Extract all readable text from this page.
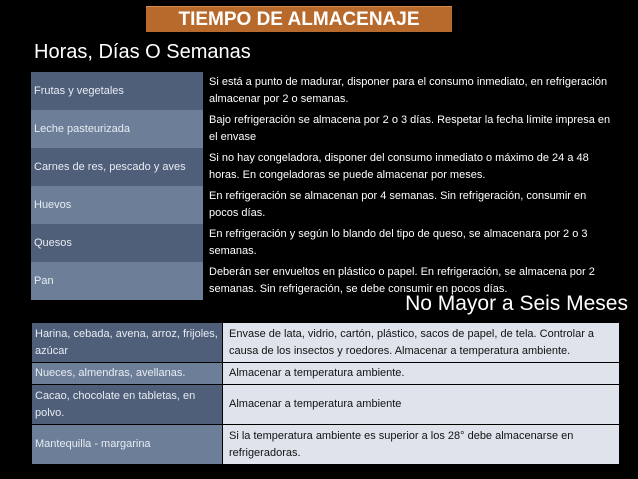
TIEMPO DE ALMACENAJE
Horas, Días O Semanas
Frutas y vegetales	Si está a punto de madurar, disponer para el consumo inmediato, en refrigeración almacenar por 2 o semanas.
Leche pasteurizada	Bajo refrigeración se almacena por 2 o 3 días. Respetar la fecha límite impresa en el envase
Carnes de res, pescado y aves	Si no hay congeladora, disponer del consumo inmediato o máximo de 24 a 48 horas. En congeladoras se puede almacenar por meses.
Huevos	En refrigeración se almacenan por 4 semanas. Sin refrigeración, consumir en pocos días.
Quesos	En refrigeración y según lo blando del tipo de queso, se almacenara por 2 o 3 semanas.
Pan	Deberán ser envueltos en plástico o papel. En refrigeración, se almacena por 2 semanas. Sin refrigeración, se debe consumir en pocos días.
No Mayor a Seis Meses
Harina, cebada, avena, arroz, frijoles, azúcar	Envase de lata, vidrio, cartón, plástico, sacos de papel, de tela. Controlar a causa de los insectos y roedores. Almacenar a temperatura ambiente.
Nueces, almendras, avellanas.	Almacenar a temperatura ambiente.
Cacao, chocolate en tabletas, en polvo.	Almacenar a temperatura ambiente
Mantequilla - margarina	Si la temperatura ambiente es superior a los 28° debe almacenarse en refrigeradoras.
